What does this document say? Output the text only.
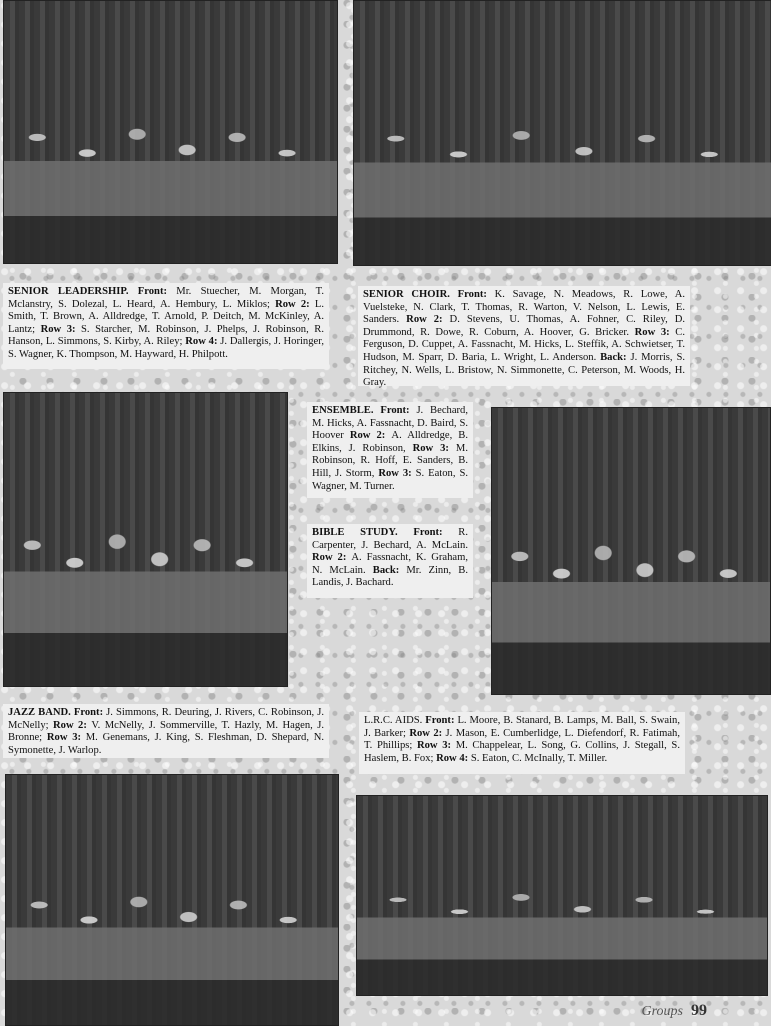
SENIOR LEADERSHIP. Front: Mr. Stuecher, M. Morgan, T. Mclanstry, S. Dolezal, L. Heard, A. Hembury, L. Miklos; Row 2: L. Smith, T. Brown, A. Alldredge, T. Arnold, P. Deitch, M. McKinley, A. Lantz; Row 3: S. Starcher, M. Robinson, J. Phelps, J. Robinson, R. Hanson, L. Simmons, S. Kirby, A. Riley; Row 4: J. Dallergis, J. Horinger, S. Wagner, K. Thompson, M. Hayward, H. Philpott.
SENIOR CHOIR. Front: K. Savage, N. Meadows, R. Lowe, A. Vuelsteke, N. Clark, T. Thomas, R. Warton, V. Nelson, L. Lewis, E. Sanders. Row 2: D. Stevens, U. Thomas, A. Fohner, C. Riley, D. Drummond, R. Dowe, R. Coburn, A. Hoover, G. Bricker. Row 3: C. Ferguson, D. Cuppet, A. Fassnacht, M. Hicks, L. Steffik, A. Schwietser, T. Hudson, M. Sparr, D. Baria, L. Wright, L. Anderson. Back: J. Morris, S. Ritchey, N. Wells, L. Bristow, N. Simmonette, C. Peterson, M. Woods, H. Gray.
ENSEMBLE. Front: J. Bechard, M. Hicks, A. Fassnacht, D. Baird, S. Hoover Row 2: A. Alldredge, B. Elkins, J. Robinson, Row 3: M. Robinson, R. Hoff, E. Sanders, B. Hill, J. Storm, Row 3: S. Eaton, S. Wagner, M. Turner.
BIBLE STUDY. Front: R. Carpenter, J. Bechard, A. McLain. Row 2: A. Fassnacht, K. Graham, N. McLain. Back: Mr. Zinn, B. Landis, J. Bachard.
JAZZ BAND. Front: J. Simmons, R. Deuring, J. Rivers, C. Robinson, J. McNelly; Row 2: V. McNelly, J. Sommerville, T. Hazly, M. Hagen, J. Bronne; Row 3: M. Genemans, J. King, S. Fleshman, D. Shepard, N. Symonette, J. Warlop.
L.R.C. AIDS. Front: L. Moore, B. Stanard, B. Lamps, M. Ball, S. Swain, J. Barker; Row 2: J. Mason, E. Cumberlidge, L. Diefendorf, R. Fatimah, T. Phillips; Row 3: M. Chappelear, L. Song, G. Collins, J. Stegall, S. Haslem, B. Fox; Row 4: S. Eaton, C. McInally, T. Miller.
Groups 99
